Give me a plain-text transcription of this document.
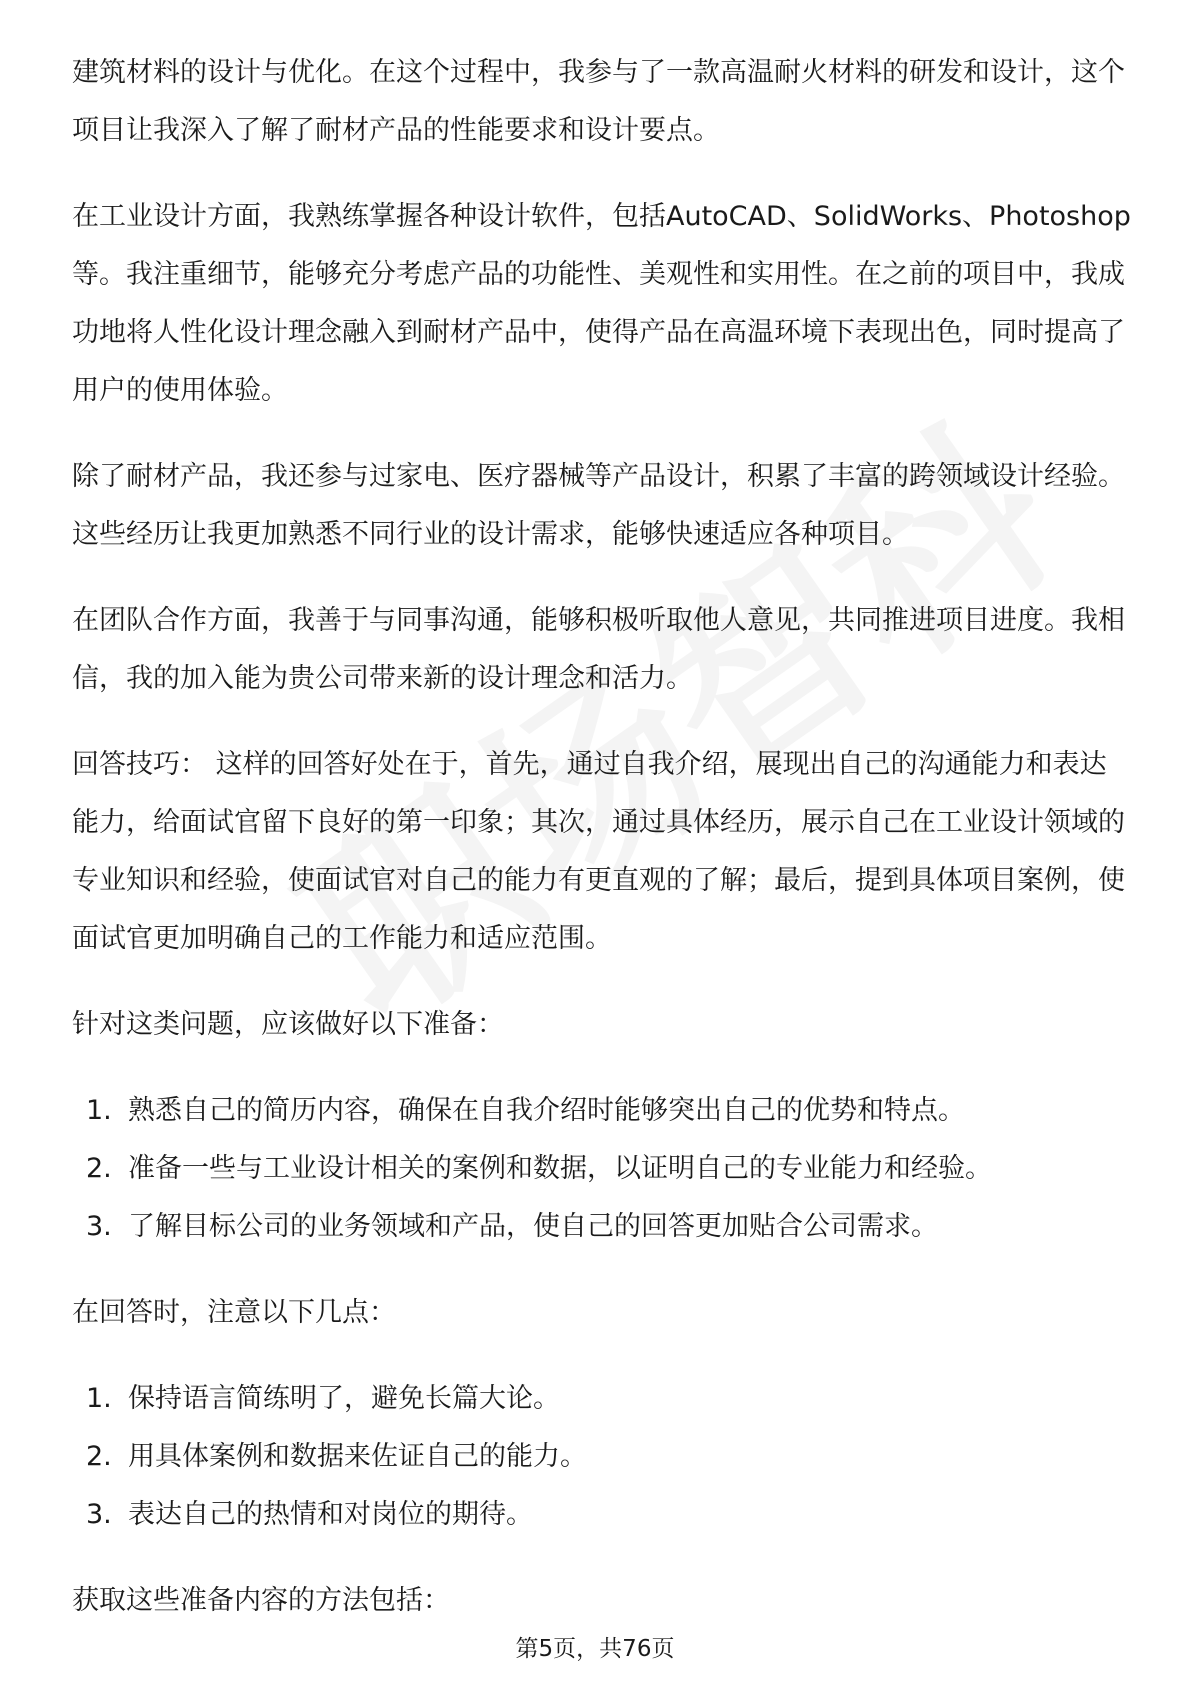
建筑材料的设计与优化。在这个过程中，我参与了一款高温耐火材料的研发和设计，这个项目让我深入了解了耐材产品的性能要求和设计要点。

在工业设计方面，我熟练掌握各种设计软件，包括AutoCAD、SolidWorks、Photoshop等。我注重细节，能够充分考虑产品的功能性、美观性和实用性。在之前的项目中，我成功地将人性化设计理念融入到耐材产品中，使得产品在高温环境下表现出色，同时提高了用户的使用体验。

除了耐材产品，我还参与过家电、医疗器械等产品设计，积累了丰富的跨领域设计经验。这些经历让我更加熟悉不同行业的设计需求，能够快速适应各种项目。

在团队合作方面，我善于与同事沟通，能够积极听取他人意见，共同推进项目进度。我相信，我的加入能为贵公司带来新的设计理念和活力。

回答技巧： 这样的回答好处在于，首先，通过自我介绍，展现出自己的沟通能力和表达能力，给面试官留下良好的第一印象；其次，通过具体经历，展示自己在工业设计领域的专业知识和经验，使面试官对自己的能力有更直观的了解；最后，提到具体项目案例，使面试官更加明确自己的工作能力和适应范围。

针对这类问题，应该做好以下准备：

1. 熟悉自己的简历内容，确保在自我介绍时能够突出自己的优势和特点。
2. 准备一些与工业设计相关的案例和数据，以证明自己的专业能力和经验。
3. 了解目标公司的业务领域和产品，使自己的回答更加贴合公司需求。

在回答时，注意以下几点：

1. 保持语言简练明了，避免长篇大论。
2. 用具体案例和数据来佐证自己的能力。
3. 表达自己的热情和对岗位的期待。

获取这些准备内容的方法包括：

第5页，共76页
